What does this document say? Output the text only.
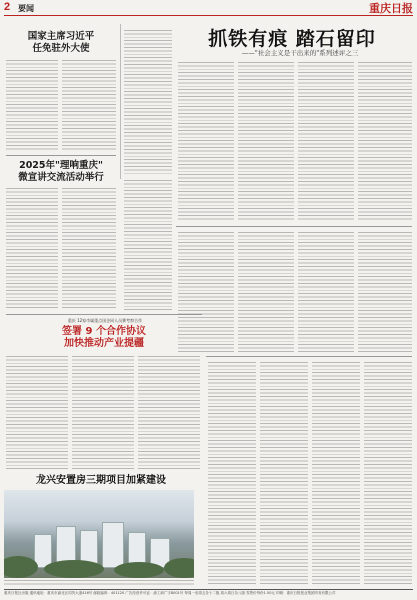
2 要闻	重庆日报
国家主席习近平
任免驻外大使
2025年"理响重庆"
微宣讲交流活动举行
重庆 12家市属重点国企同人员赛考察合作
签署 9 个合作协议
加快推动产业提疆
龙兴安置房三期项目加紧建设
抓铁有痕 踏石留印
——"社会主义是干出来的"系列述评之三
重庆日报社出版 通讯地址：重庆市渝北区同茂大道416号 邮政编码：401120 广告经营许可证：渝工商广字8001号 每周一至周五各十二版 周六周日各八版 零售价每份1.50元 印刷：重庆日报报业集团印务有限公司
